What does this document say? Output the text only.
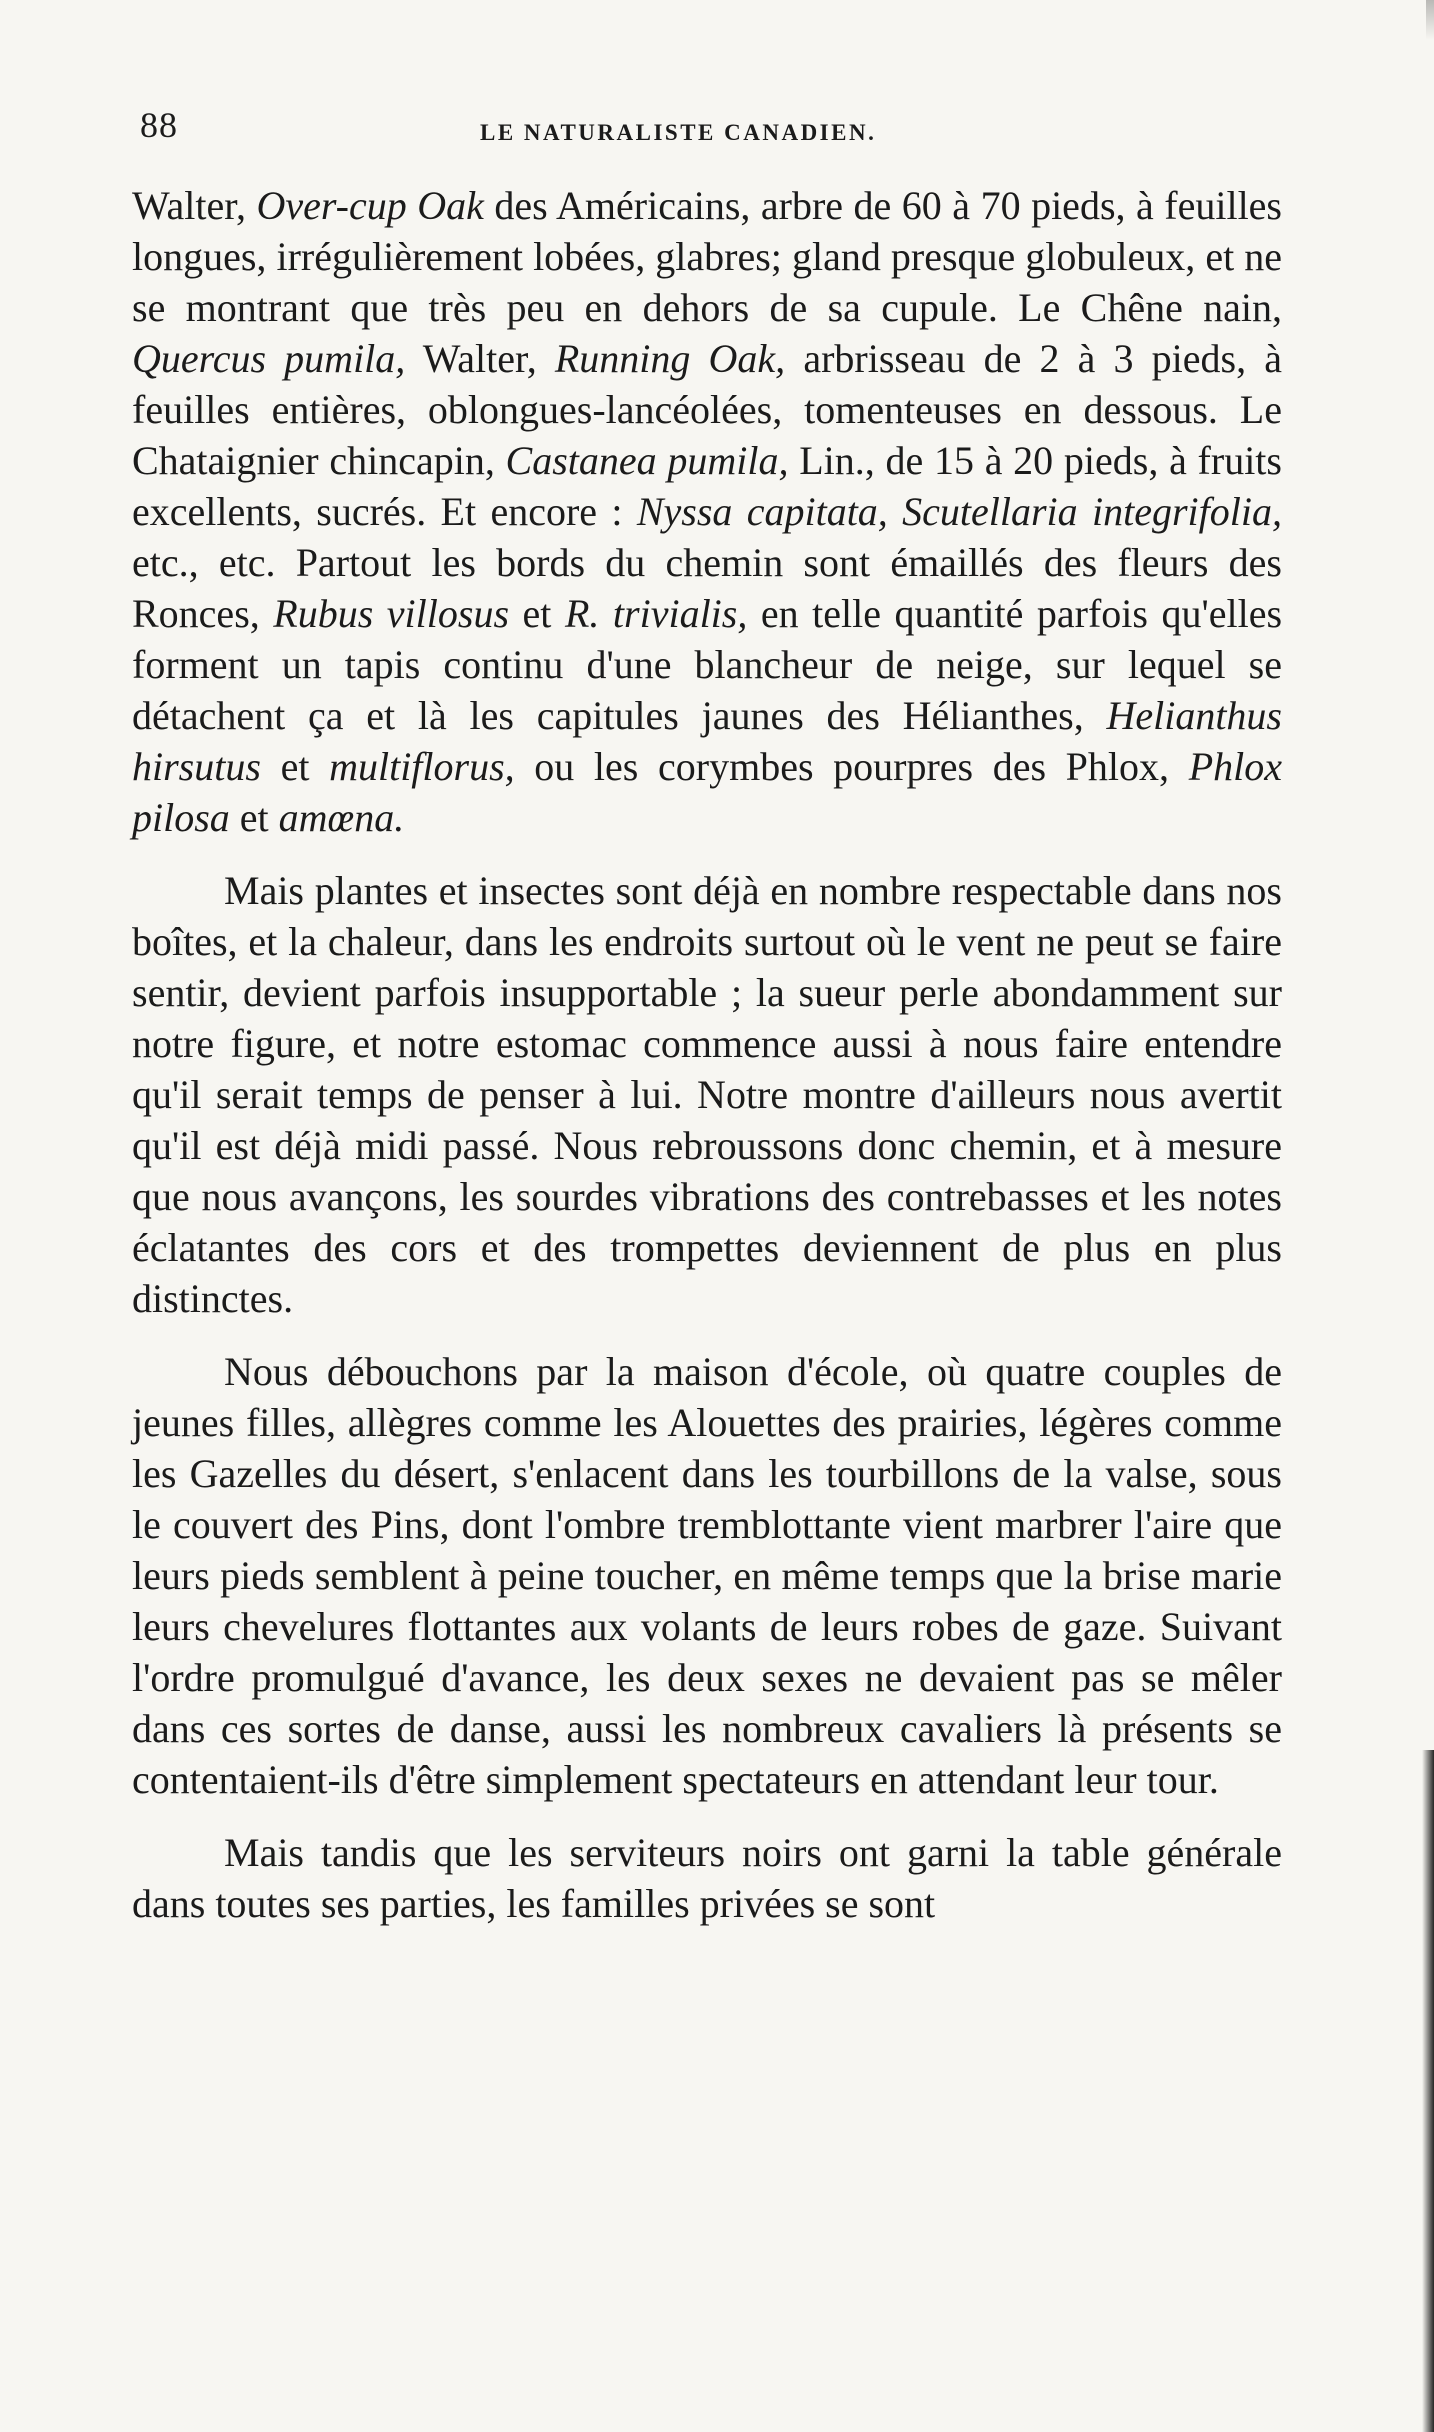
88	LE NATURALISTE CANADIEN.

Walter, Over-cup Oak des Américains, arbre de 60 à 70 pieds, à feuilles longues, irrégulièrement lobées, glabres; gland presque globuleux, et ne se montrant que très peu en dehors de sa cupule. Le Chêne nain, Quercus pumila, Walter, Running Oak, arbrisseau de 2 à 3 pieds, à feuilles entières, oblongues-lancéolées, tomenteuses en dessous. Le Chataignier chincapin, Castanea pumila, Lin., de 15 à 20 pieds, à fruits excellents, sucrés. Et encore : Nyssa capitata, Scutellaria integrifolia, etc., etc. Partout les bords du chemin sont émaillés des fleurs des Ronces, Rubus villosus et R. trivialis, en telle quantité parfois qu'elles forment un tapis continu d'une blancheur de neige, sur lequel se détachent ça et là les capitules jaunes des Hélianthes, Helianthus hirsutus et multiflorus, ou les corymbes pourpres des Phlox, Phlox pilosa et amœna.

Mais plantes et insectes sont déjà en nombre respectable dans nos boîtes, et la chaleur, dans les endroits surtout où le vent ne peut se faire sentir, devient parfois insupportable ; la sueur perle abondamment sur notre figure, et notre estomac commence aussi à nous faire entendre qu'il serait temps de penser à lui. Notre montre d'ailleurs nous avertit qu'il est déjà midi passé. Nous rebroussons donc chemin, et à mesure que nous avançons, les sourdes vibrations des contrebasses et les notes éclatantes des cors et des trompettes deviennent de plus en plus distinctes.

Nous débouchons par la maison d'école, où quatre couples de jeunes filles, allègres comme les Alouettes des prairies, légères comme les Gazelles du désert, s'enlacent dans les tourbillons de la valse, sous le couvert des Pins, dont l'ombre tremblottante vient marbrer l'aire que leurs pieds semblent à peine toucher, en même temps que la brise marie leurs chevelures flottantes aux volants de leurs robes de gaze. Suivant l'ordre promulgué d'avance, les deux sexes ne devaient pas se mêler dans ces sortes de danse, aussi les nombreux cavaliers là présents se contentaient-ils d'être simplement spectateurs en attendant leur tour.

Mais tandis que les serviteurs noirs ont garni la table générale dans toutes ses parties, les familles privées se sont
